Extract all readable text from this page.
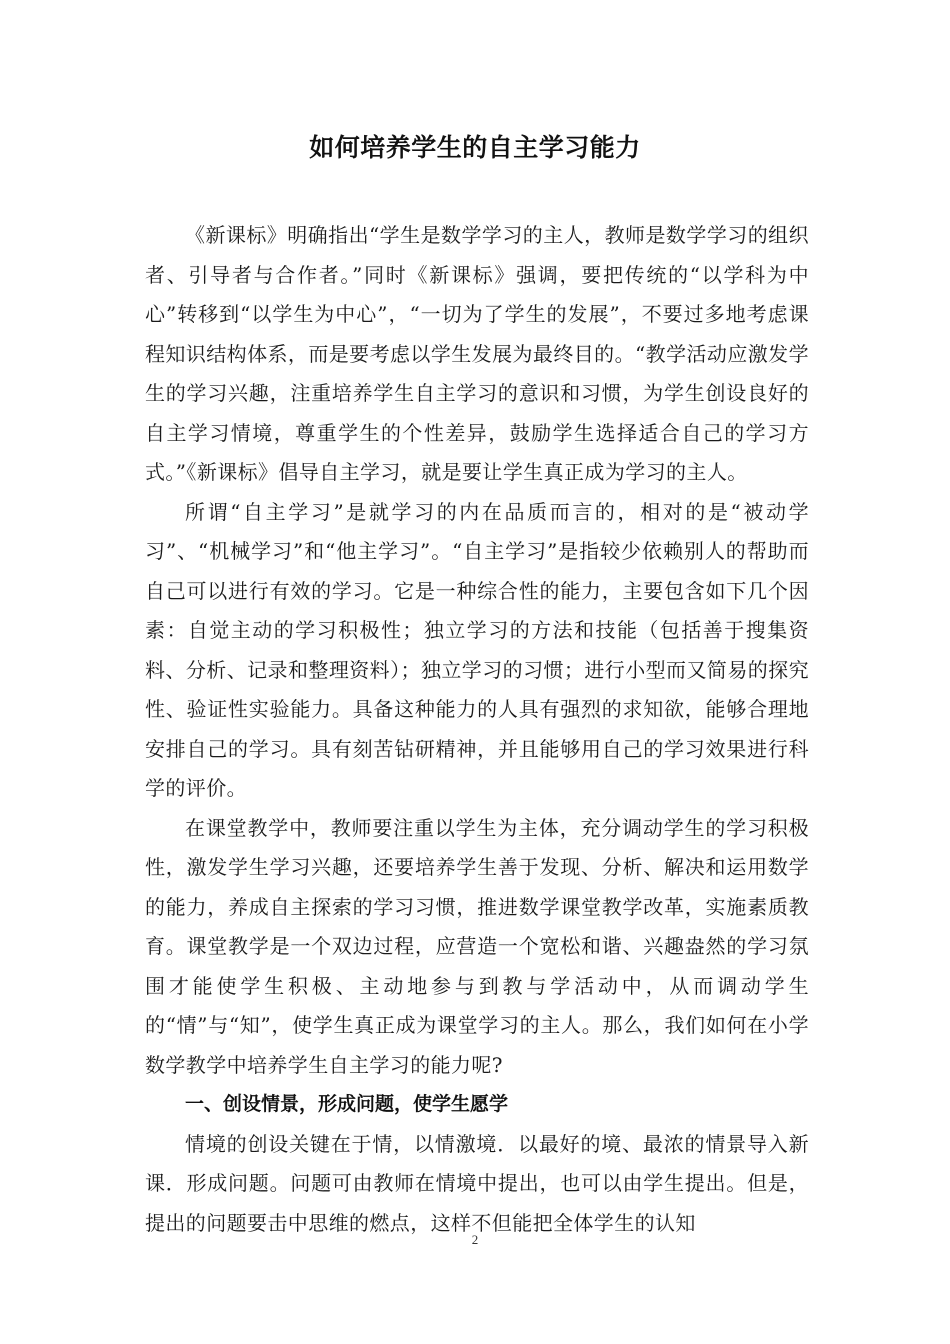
如何培养学生的自主学习能力

《新课标》明确指出“学生是数学学习的主人，教师是数学学习的组织者、引导者与合作者。”同时《新课标》强调，要把传统的“以学科为中心”转移到“以学生为中心”，“一切为了学生的发展”，不要过多地考虑课程知识结构体系，而是要考虑以学生发展为最终目的。“教学活动应激发学生的学习兴趣，注重培养学生自主学习的意识和习惯，为学生创设良好的自主学习情境，尊重学生的个性差异，鼓励学生选择适合自己的学习方式。”《新课标》倡导自主学习，就是要让学生真正成为学习的主人。

所谓“自主学习”是就学习的内在品质而言的，相对的是“被动学习”、“机械学习”和“他主学习”。“自主学习”是指较少依赖别人的帮助而自己可以进行有效的学习。它是一种综合性的能力，主要包含如下几个因素：自觉主动的学习积极性；独立学习的方法和技能（包括善于搜集资料、分析、记录和整理资料）；独立学习的习惯；进行小型而又简易的探究性、验证性实验能力。具备这种能力的人具有强烈的求知欲，能够合理地安排自己的学习。具有刻苦钻研精神，并且能够用自己的学习效果进行科学的评价。

在课堂教学中，教师要注重以学生为主体，充分调动学生的学习积极性，激发学生学习兴趣，还要培养学生善于发现、分析、解决和运用数学的能力，养成自主探索的学习习惯，推进数学课堂教学改革，实施素质教育。课堂教学是一个双边过程，应营造一个宽松和谐、兴趣盎然的学习氛围才能使学生积极、主动地参与到教与学活动中，从而调动学生的“情”与“知”，使学生真正成为课堂学习的主人。那么，我们如何在小学数学教学中培养学生自主学习的能力呢?

一、创设情景，形成问题，使学生愿学

情境的创设关键在于情，以情激境．以最好的境、最浓的情景导入新课．形成问题。问题可由教师在情境中提出，也可以由学生提出。但是，提出的问题要击中思维的燃点，这样不但能把全体学生的认知

2
